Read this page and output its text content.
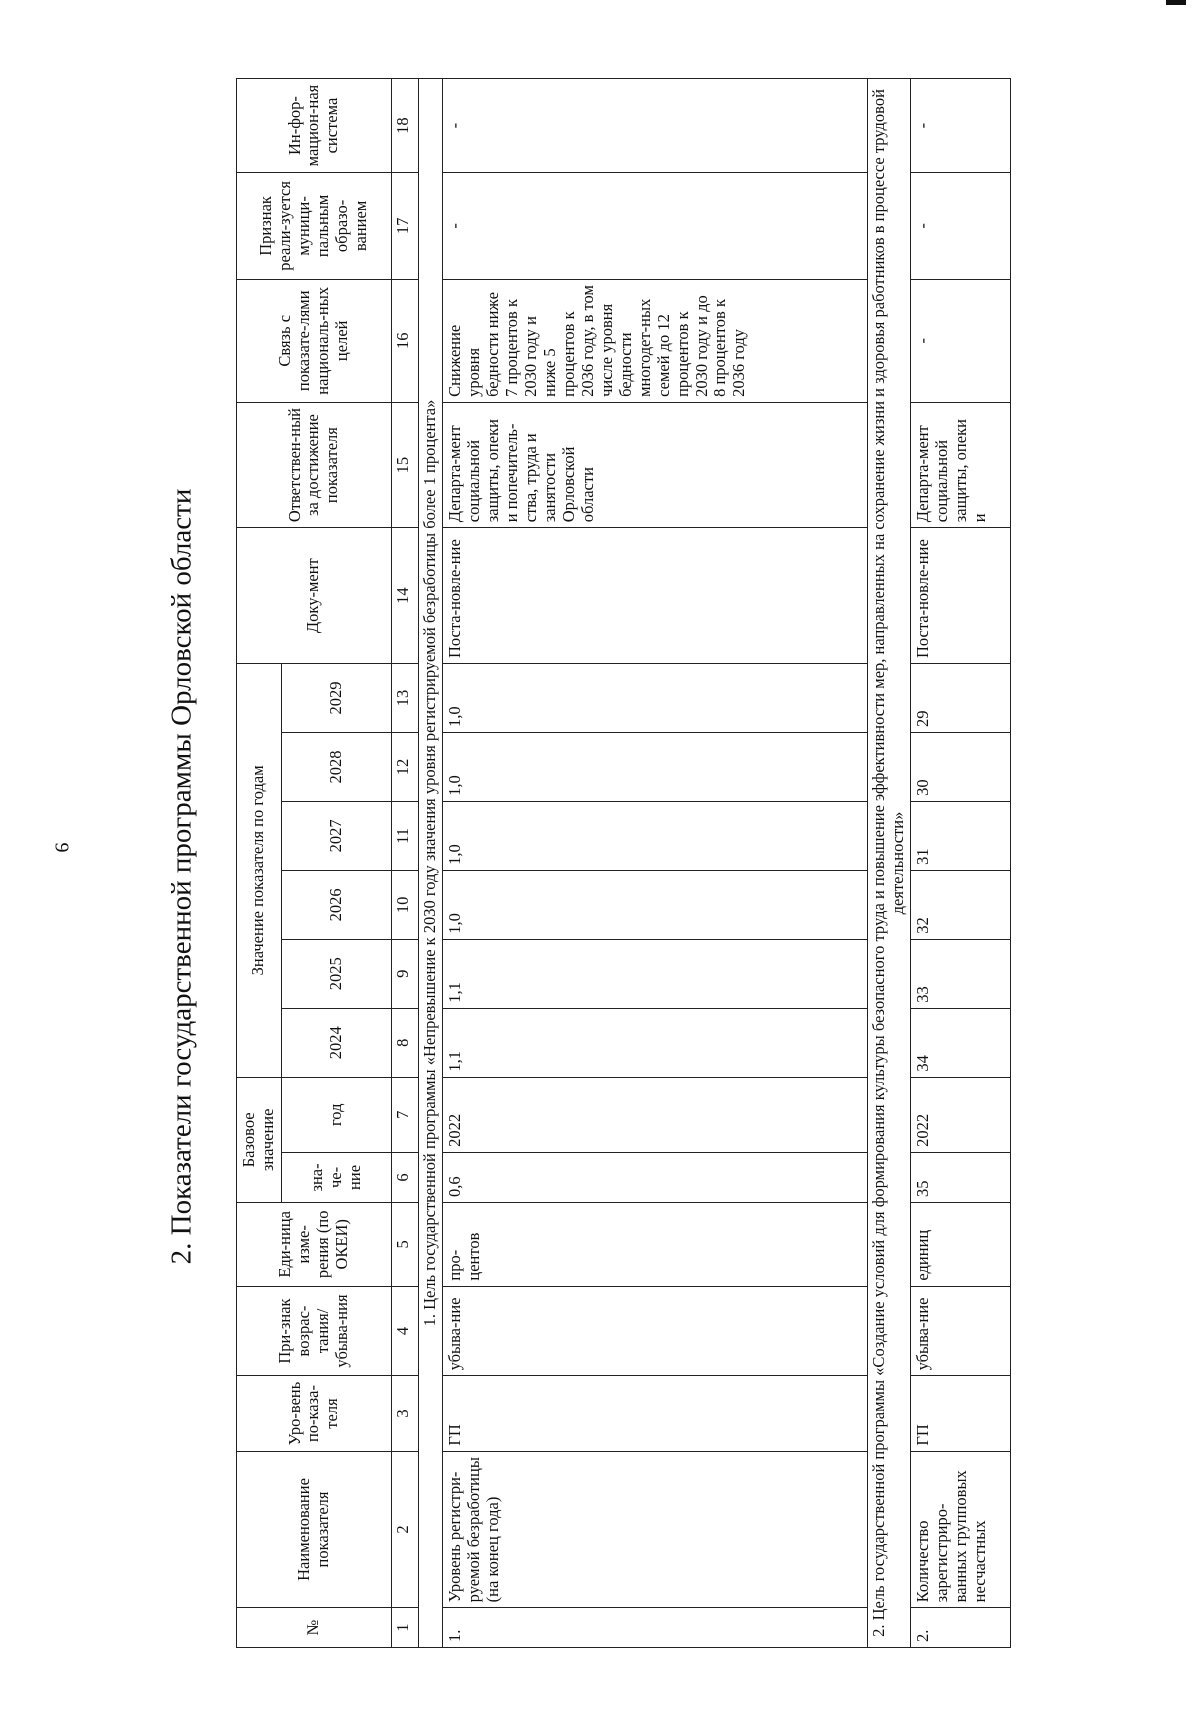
9	2. Показатели государственной программы Орловской области
№	Наименование показателя	Уро-вень по-каза-теля	При-знак возрас-тания/ убыва-ния	Еди-ница изме-рения (по ОКЕИ)	Базовое значение		Значение показателя по годам						Доку-мент	Ответствен-ный за достижение показателя	Связь с показате-лями националь-ных целей	Признак реали-зуется муници-пальным образо-ванием	Ин-фор-мацион-ная система
					зна-че-ние	год	2024	2025	2026	2027	2028	2029					
1	2	3	4	5	6	7	8	9	10	11	12	13	14	15	16	17	18
1. Цель государственной программы «Непревышение к 2030 году значения уровня регистрируемой безработицы более 1 процента»																	
1.	Уровень регистри-руемой безработицы (на конец года)	ГП	убыва-ние	про-центов	0,6	2022	1,1	1,1	1,0	1,0	1,0	1,0	Поста-новле-ние	Департа-мент социальной защиты, опеки и попечитель-ства, труда и занятости Орловской области	Снижение уровня бедности ниже 7 процентов к 2030 году и ниже 5 процентов к 2036 году, в том числе уровня бедности многодет-ных семей до 12 процентов к 2030 году и до 8 процентов к 2036 году	-	-
2. Цель государственной программы «Создание условий для формирования культуры безопасного труда и повышение эффективности мер, направленных на сохранение жизни и здоровья работников в процессе трудовой деятельности»																	
2.	Количество зарегистриро-ванных групповых несчастных	ГП	убыва-ние	единиц	35	2022	34	33	32	31	30	29	Поста-новле-ние	Департа-мент социальной защиты, опеки и	-	-	-
